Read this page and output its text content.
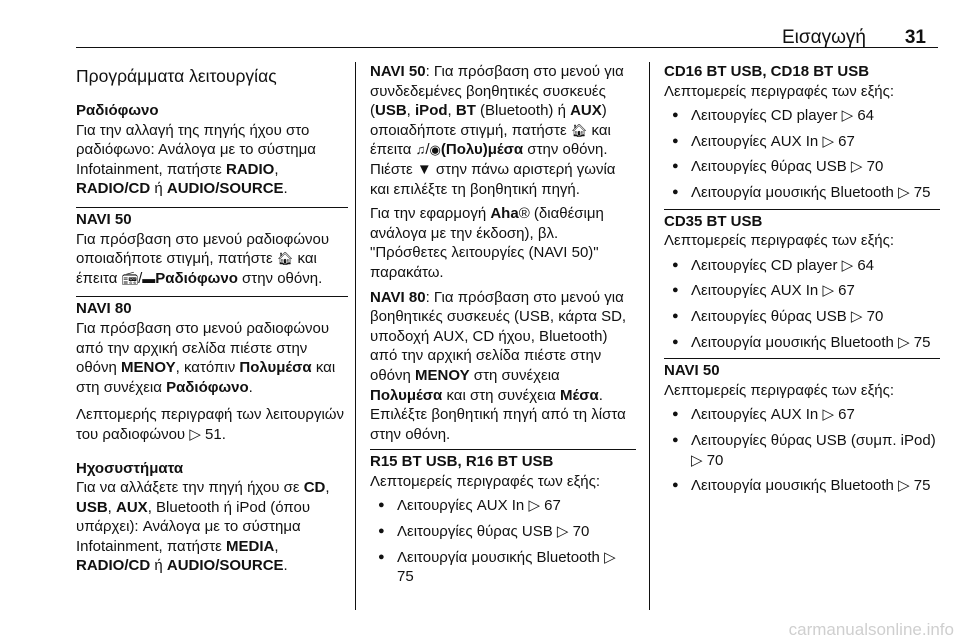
Εισαγωγή 31
Προγράμματα λειτουργίας
Ραδιόφωνο
Για την αλλαγή της πηγής ήχου στο ραδιόφωνο: Ανάλογα με το σύστημα Infotainment, πατήστε RADIO,
RADIO/CD ή AUDIO/SOURCE.
NAVI 50
Για πρόσβαση στο μενού ραδιοφώνου οποιαδήποτε στιγμή, πατήστε 🏠︎ και έπειτα 📻︎/▬Ραδιόφωνο στην οθόνη.
NAVI 80
Για πρόσβαση στο μενού ραδιοφώνου από την αρχική σελίδα πιέστε στην οθόνη ΜΕΝΟΥ, κατόπιν Πολυμέσα και στη συνέχεια Ραδιόφωνο.

Λεπτομερής περιγραφή των λειτουργιών του ραδιοφώνου ▷ 51.

Ηχοσυστήματα
Για να αλλάξετε την πηγή ήχου σε CD,
USB, AUX, Bluetooth ή iPod (όπου υπάρχει): Ανάλογα με το σύστημα Infotainment, πατήστε MEDIA,
RADIO/CD ή AUDIO/SOURCE.

NAVI 50: Για πρόσβαση στο μενού για συνδεδεμένες βοηθητικές συσκευές (USB, iPod, BT (Bluetooth) ή AUX) οποιαδήποτε στιγμή, πατήστε 🏠︎ και έπειτα ♫/◉(Πολυ)μέσα στην οθόνη. Πιέστε ▼ στην πάνω αριστερή γωνία και επιλέξτε τη βοηθητική πηγή.

Για την εφαρμογή Aha® (διαθέσιμη ανάλογα με την έκδοση), βλ. "Πρόσθετες λειτουργίες (NAVI 50)" παρακάτω.

NAVI 80: Για πρόσβαση στο μενού για βοηθητικές συσκευές (USB, κάρτα SD, υποδοχή AUX, CD ήχου, Bluetooth) από την αρχική σελίδα πιέστε στην οθόνη ΜΕΝΟΥ στη συνέχεια Πολυμέσα και στη συνέχεια Μέσα. Επιλέξτε βοηθητική πηγή από τη λίστα στην οθόνη.

R15 BT USB, R16 BT USB
Λεπτομερείς περιγραφές των εξής:
● Λειτουργίες AUX In ▷ 67
● Λειτουργίες θύρας USB ▷ 70
● Λειτουργία μουσικής Bluetooth ▷ 75
CD16 BT USB, CD18 BT USB
Λεπτομερείς περιγραφές των εξής:
● Λειτουργίες CD player ▷ 64
● Λειτουργίες AUX In ▷ 67
● Λειτουργίες θύρας USB ▷ 70
● Λειτουργία μουσικής Bluetooth ▷ 75
CD35 BT USB
Λεπτομερείς περιγραφές των εξής:
● Λειτουργίες CD player ▷ 64
● Λειτουργίες AUX In ▷ 67
● Λειτουργίες θύρας USB ▷ 70
● Λειτουργία μουσικής Bluetooth ▷ 75
NAVI 50
Λεπτομερείς περιγραφές των εξής:
● Λειτουργίες AUX In ▷ 67
● Λειτουργίες θύρας USB (συμπ. iPod) ▷ 70
● Λειτουργία μουσικής Bluetooth ▷ 75
carmanualsonline.info
